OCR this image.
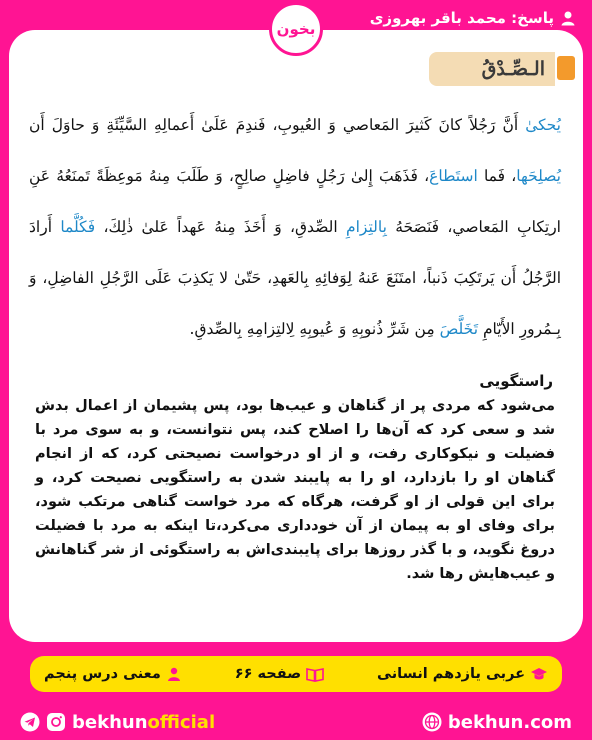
پاسخ: محمد باقر بهروزی
بخون
الـصِّـدْقُ
يُحكىٰ أَنَّ رَجُلاً كانَ كَثيرَ المَعاصي وَ العُيوبِ، فَندِمَ عَلَىٰ أَعمالِهِ السَّيِّئَةِ وَ حاوَلَ أَن يُصلِحَها، فَما استَطاعَ، فَذَهَبَ إِلىٰ رَجُلٍ فاضِلٍ صالِحٍ، وَ طَلَبَ مِنهُ مَوعِظَةً تَمنَعُهُ عَنِ ارتِكابِ المَعاصي، فَنَصَحَهُ بِالتِزامِ الصِّدقِ، وَ أَخَذَ مِنهُ عَهداً عَلىٰ ذٰلِكَ، فَكُلَّما أَرادَ الرَّجُلُ أَن يَرتَكِبَ ذَنباً، امتَنَعَ عَنهُ لِوَفائِهِ بِالعَهدِ، حَتّىٰ لا يَكذِبَ عَلَى الرَّجُلِ الفاضِلِ، وَ بِـمُرورِ الأَيّامِ تَخَلَّصَ مِن شَرِّ ذُنوبِهِ وَ عُيوبِهِ لِالتِزامِهِ بِالصِّدقِ.
راستگویی
می‌شود که مردی پر از گناهان و عیب‌ها بود، پس پشیمان از اعمال بدش شد و سعی کرد که آن‌ها را اصلاح کند، پس نتوانست، و به سوی مرد با فضیلت و نیکوکاری رفت، و از او درخواست نصیحتی کرد، که از انجام گناهان او را بازدارد، او را به پایبند شدن به راستگویی نصیحت کرد، و برای این قولی از او گرفت، هرگاه که مرد خواست گناهی مرتکب شود، برای وفای او به پیمان از آن خودداری می‌کرد،تا اینکه به مرد با فضیلت دروغ نگوید، و با گذر روزها برای پایبندی‌اش به راستگوئی از شر گناهانش و عیب‌هایش رها شد.
معنی درس پنجم	صفحه ۶۶	عربی یازدهم انسانی
bekhun official	bekhun.com
